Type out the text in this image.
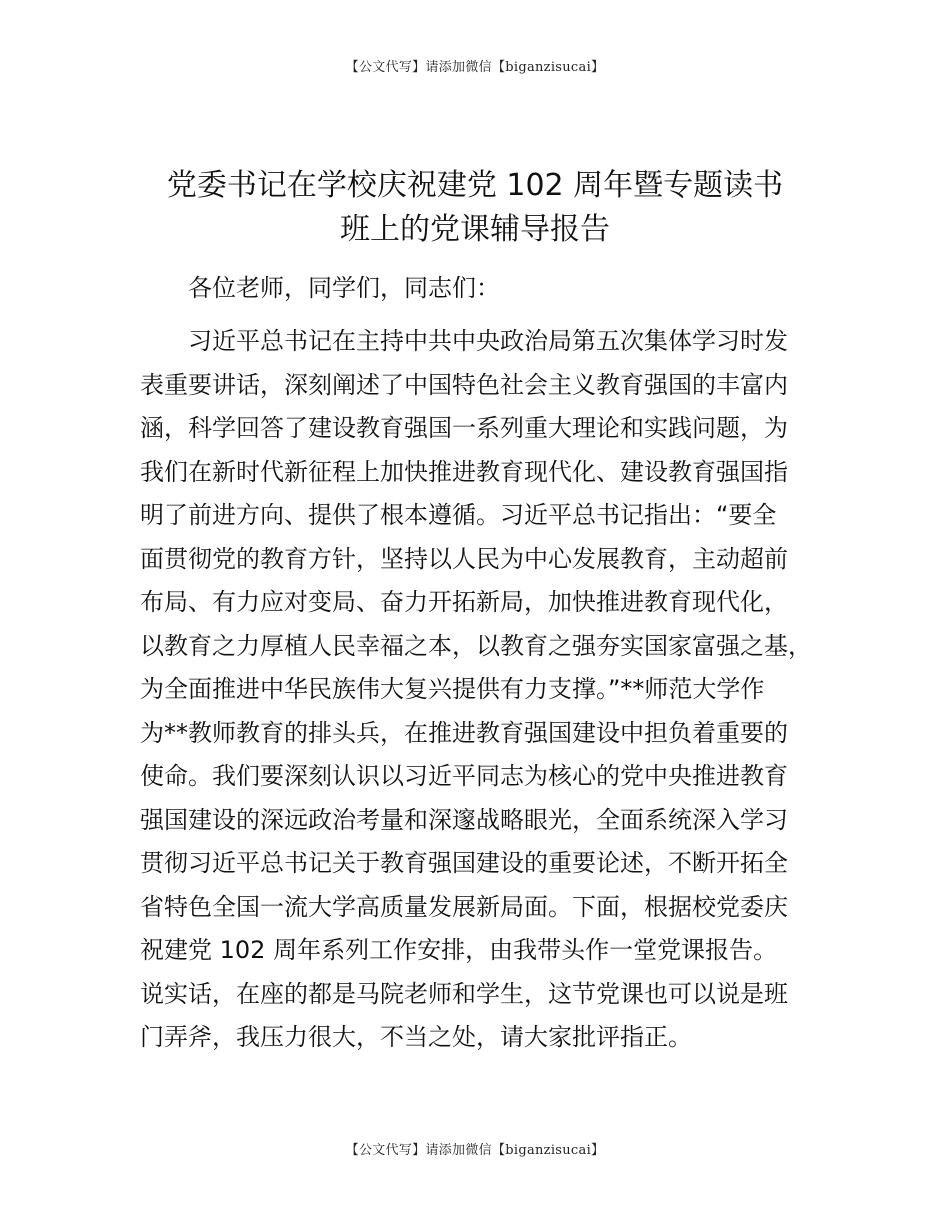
【公文代写】请添加微信【biganzisucai】
党委书记在学校庆祝建党 102 周年暨专题读书
班上的党课辅导报告

各位老师，同学们，同志们：

习近平总书记在主持中共中央政治局第五次集体学习时发
表重要讲话，深刻阐述了中国特色社会主义教育强国的丰富内
涵，科学回答了建设教育强国一系列重大理论和实践问题，为
我们在新时代新征程上加快推进教育现代化、建设教育强国指
明了前进方向、提供了根本遵循。习近平总书记指出：“要全
面贯彻党的教育方针，坚持以人民为中心发展教育，主动超前
布局、有力应对变局、奋力开拓新局，加快推进教育现代化，
以教育之力厚植人民幸福之本，以教育之强夯实国家富强之基，
为全面推进中华民族伟大复兴提供有力支撑。”**师范大学作
为**教师教育的排头兵，在推进教育强国建设中担负着重要的
使命。我们要深刻认识以习近平同志为核心的党中央推进教育
强国建设的深远政治考量和深邃战略眼光，全面系统深入学习
贯彻习近平总书记关于教育强国建设的重要论述，不断开拓全
省特色全国一流大学高质量发展新局面。下面，根据校党委庆
祝建党 102 周年系列工作安排，由我带头作一堂党课报告。
说实话，在座的都是马院老师和学生，这节党课也可以说是班
门弄斧，我压力很大，不当之处，请大家批评指正。
【公文代写】请添加微信【biganzisucai】
